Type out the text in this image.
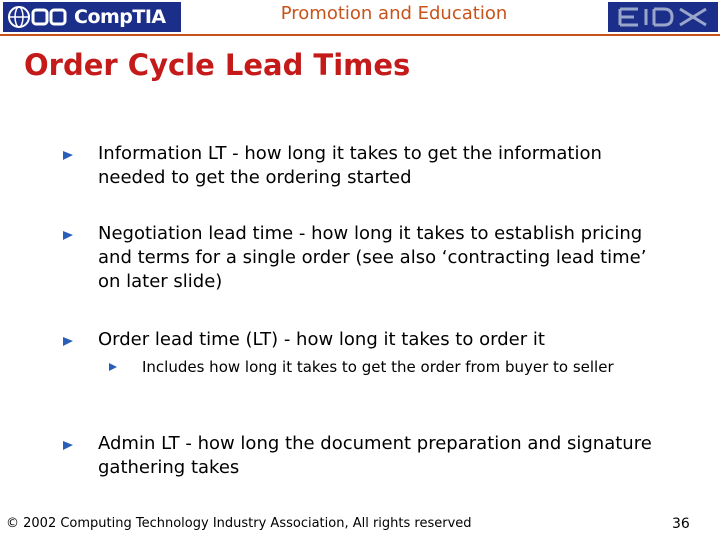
CompTIA	Promotion and Education	EIDX
Order Cycle Lead Times
Information LT - how long it takes to get the information needed to get the ordering started
Negotiation lead time - how long it takes to establish pricing and terms for a single order (see also ‘contracting lead time’ on later slide)
Order lead time (LT) - how long it takes to order it
Includes how long it takes to get the order from buyer to seller
Admin LT - how long the document preparation and signature gathering takes
© 2002 Computing Technology Industry Association, All rights reserved	36
